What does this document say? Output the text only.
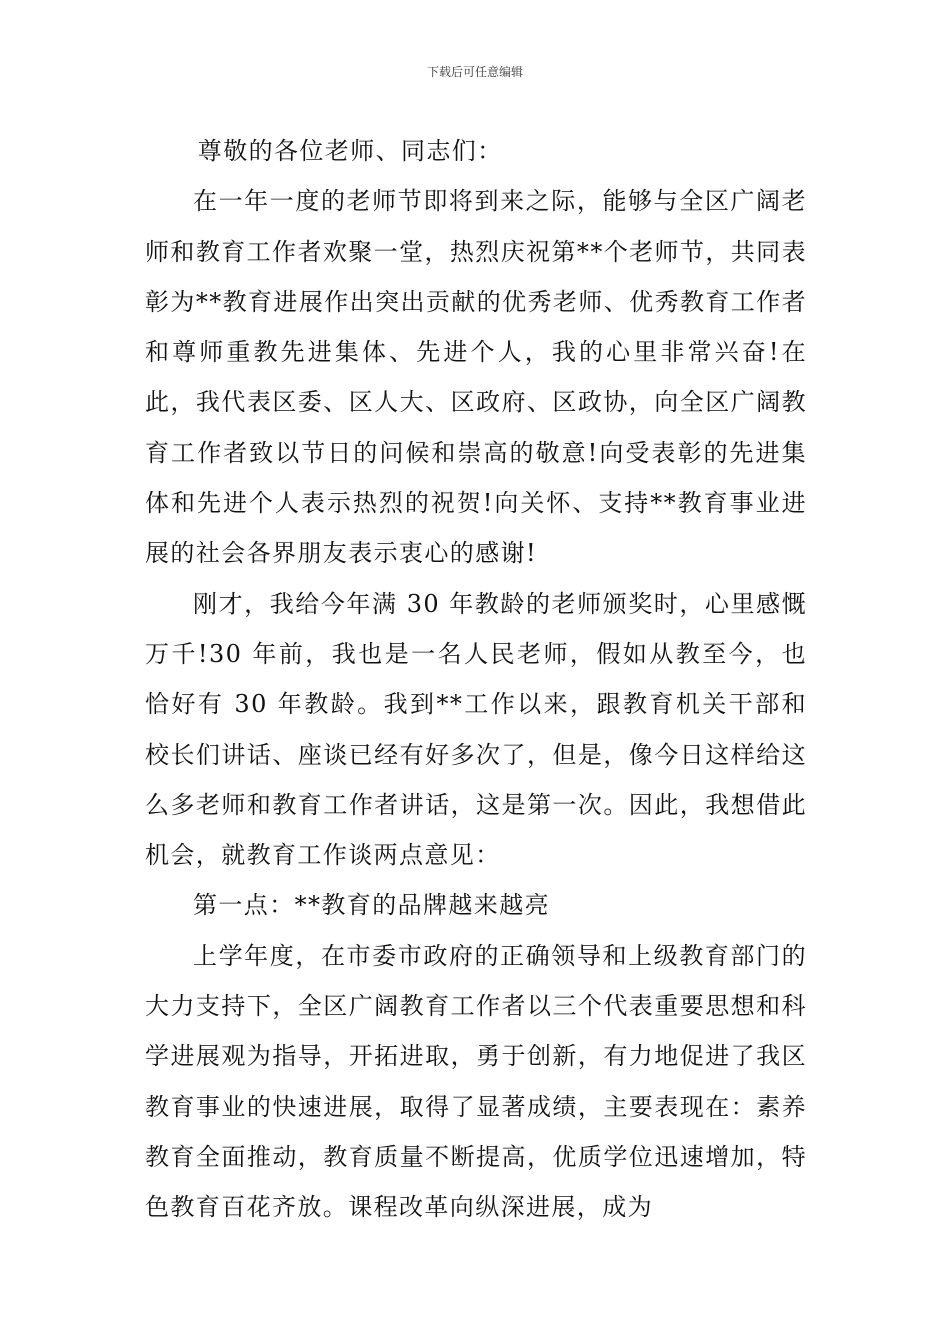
下载后可任意编辑

尊敬的各位老师、同志们：

在一年一度的老师节即将到来之际，能够与全区广阔老师和教育工作者欢聚一堂，热烈庆祝第**个老师节，共同表彰为**教育进展作出突出贡献的优秀老师、优秀教育工作者和尊师重教先进集体、先进个人，我的心里非常兴奋!在此，我代表区委、区人大、区政府、区政协，向全区广阔教育工作者致以节日的问候和崇高的敬意!向受表彰的先进集体和先进个人表示热烈的祝贺!向关怀、支持**教育事业进展的社会各界朋友表示衷心的感谢!

刚才，我给今年满 30 年教龄的老师颁奖时，心里感慨万千!30 年前，我也是一名人民老师，假如从教至今，也恰好有 30 年教龄。我到**工作以来，跟教育机关干部和校长们讲话、座谈已经有好多次了，但是，像今日这样给这么多老师和教育工作者讲话，这是第一次。因此，我想借此机会，就教育工作谈两点意见：

第一点：**教育的品牌越来越亮

上学年度，在市委市政府的正确领导和上级教育部门的大力支持下，全区广阔教育工作者以三个代表重要思想和科学进展观为指导，开拓进取，勇于创新，有力地促进了我区教育事业的快速进展，取得了显著成绩，主要表现在：素养教育全面推动，教育质量不断提高，优质学位迅速增加，特色教育百花齐放。课程改革向纵深进展，成为
